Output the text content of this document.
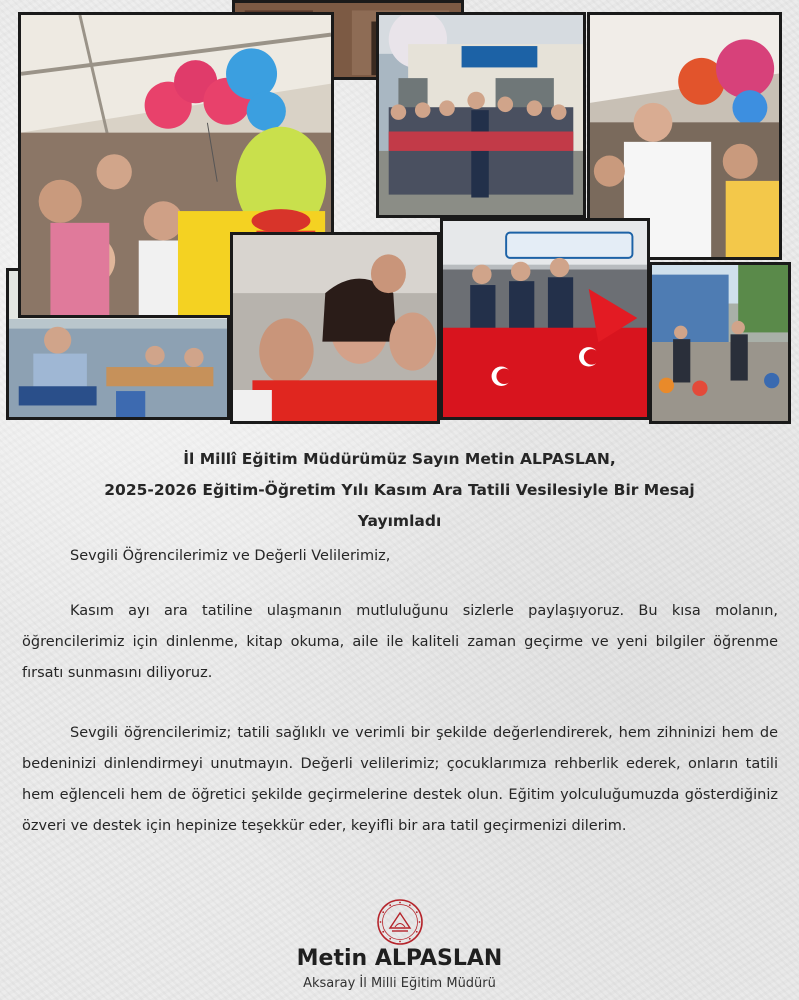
İl Millî Eğitim Müdürümüz Sayın Metin ALPASLAN,
2025-2026 Eğitim-Öğretim Yılı Kasım Ara Tatili Vesilesiyle Bir Mesaj
Yayımladı
Sevgili Öğrencilerimiz ve Değerli Velilerimiz,

Kasım ayı ara tatiline ulaşmanın mutluluğunu sizlerle paylaşıyoruz. Bu kısa molanın, öğrencilerimiz için dinlenme, kitap okuma, aile ile kaliteli zaman geçirme ve yeni bilgiler öğrenme fırsatı sunmasını diliyoruz.

Sevgili öğrencilerimiz; tatili sağlıklı ve verimli bir şekilde değerlendirerek, hem zihninizi hem de bedeninizi dinlendirmeyi unutmayın. Değerli velilerimiz; çocuklarımıza rehberlik ederek, onların tatili hem eğlenceli hem de öğretici şekilde geçirmelerine destek olun. Eğitim yolculuğumuzda gösterdiğiniz özveri ve destek için hepinize teşekkür eder, keyifli bir ara tatil geçirmenizi dilerim.

Metin ALPASLAN
Aksaray İl Milli Eğitim Müdürü
